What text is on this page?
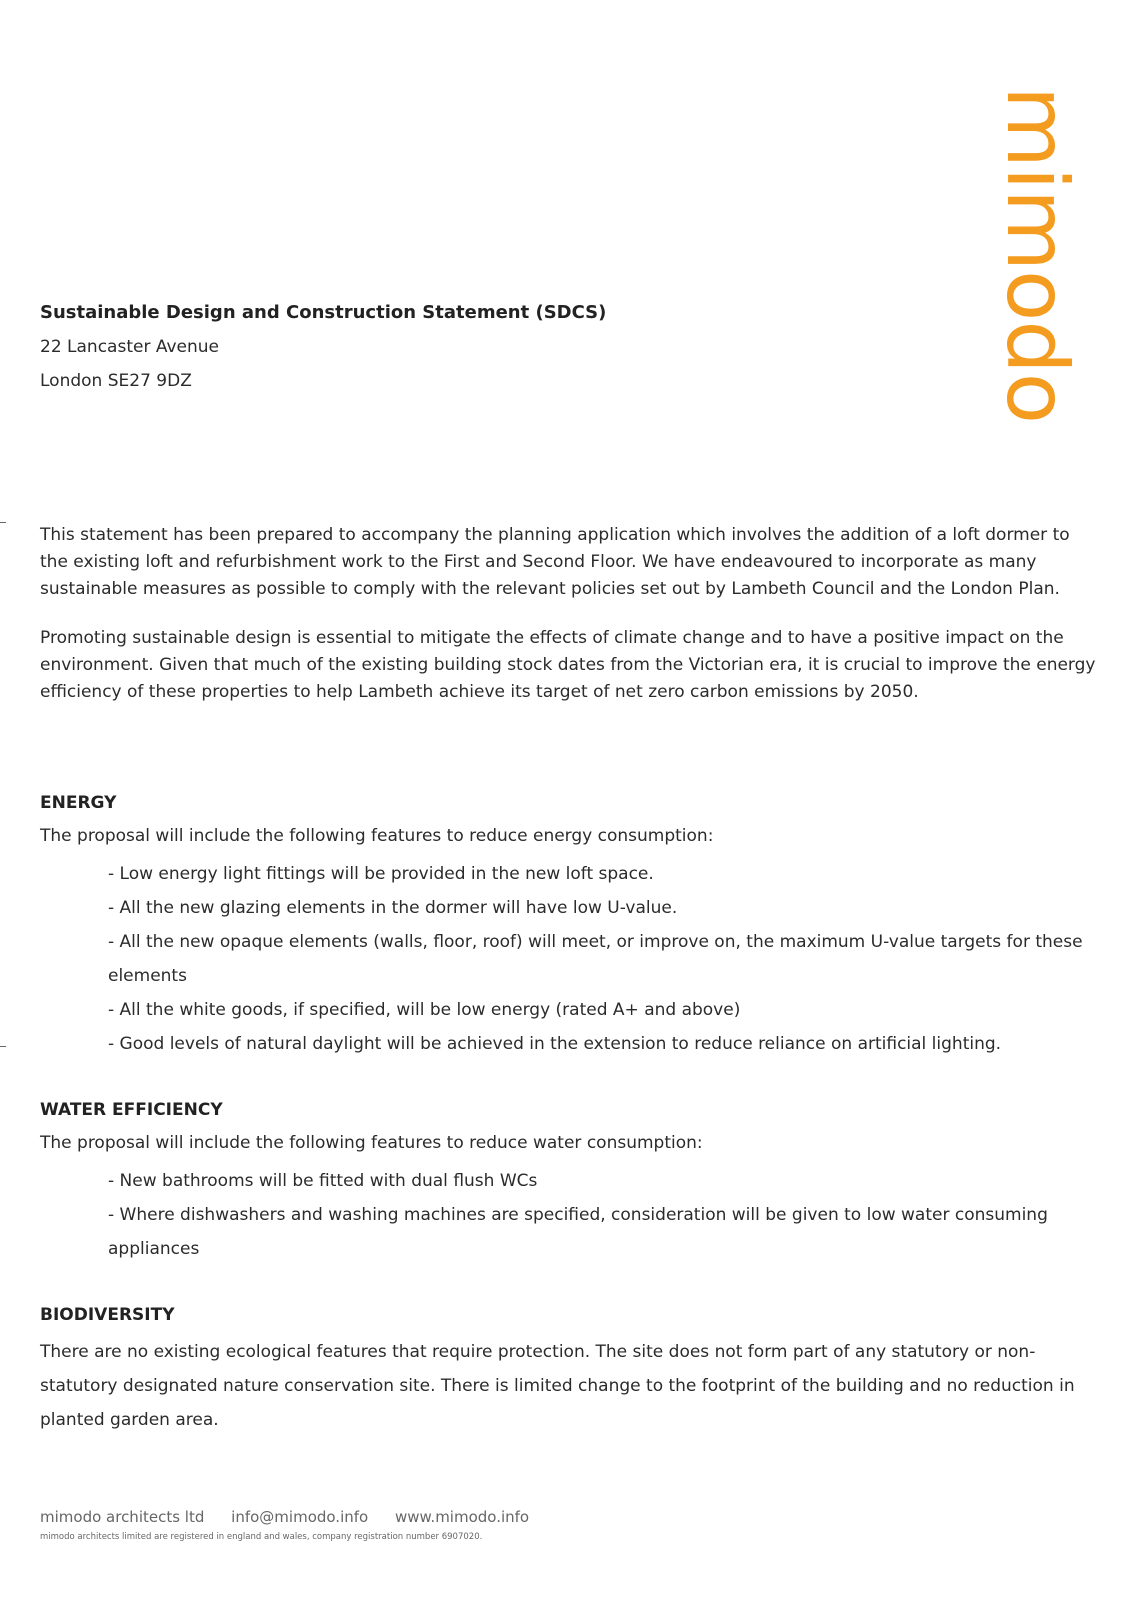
mimodo

Sustainable Design and Construction Statement (SDCS)

22 Lancaster Avenue

London SE27 9DZ

This statement has been prepared to accompany the planning application which involves the addition of a loft dormer to the existing loft and refurbishment work to the First and Second Floor. We have endeavoured to incorporate as many sustainable measures as possible to comply with the relevant policies set out by Lambeth Council and the London Plan.

Promoting sustainable design is essential to mitigate the effects of climate change and to have a positive impact on the environment. Given that much of the existing building stock dates from the Victorian era, it is crucial to improve the energy efficiency of these properties to help Lambeth achieve its target of net zero carbon emissions by 2050.

ENERGY

The proposal will include the following features to reduce energy consumption:

- Low energy light fittings will be provided in the new loft space.
- All the new glazing elements in the dormer will have low U-value.
- All the new opaque elements (walls, floor, roof) will meet, or improve on, the maximum U-value targets for these elements
- All the white goods, if specified, will be low energy (rated A+ and above)
- Good levels of natural daylight will be achieved in the extension to reduce reliance on artificial lighting.
WATER EFFICIENCY

The proposal will include the following features to reduce water consumption:

- New bathrooms will be fitted with dual flush WCs
- Where dishwashers and washing machines are specified, consideration will be given to low water consuming appliances
BIODIVERSITY

There are no existing ecological features that require protection. The site does not form part of any statutory or non-statutory designated nature conservation site. There is limited change to the footprint of the building and no reduction in planted garden area.

mimodo architects ltd info@mimodo.info www.mimodo.info
mimodo architects limited are registered in england and wales, company registration number 6907020.
